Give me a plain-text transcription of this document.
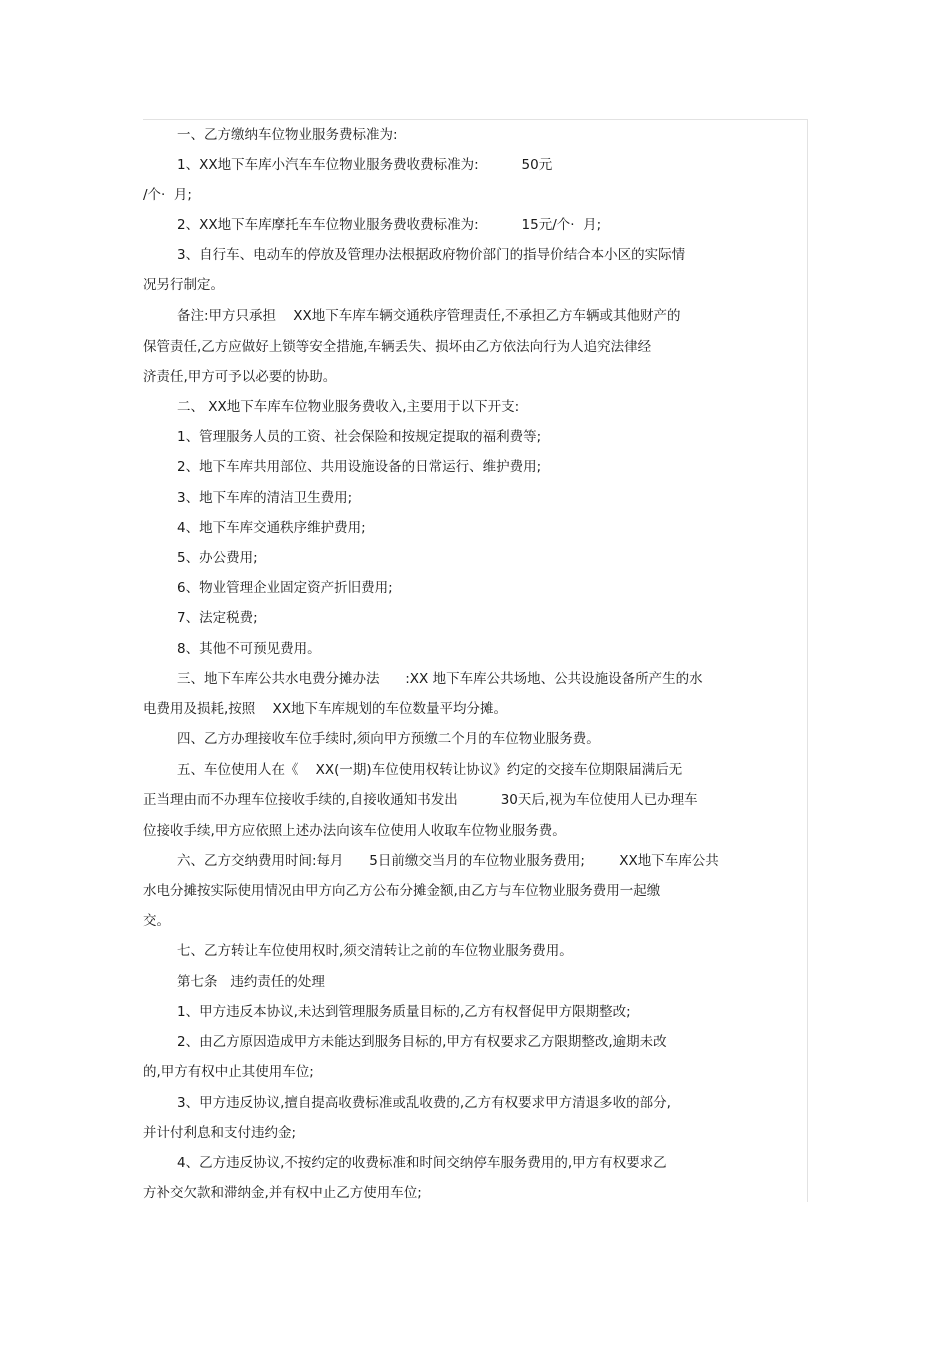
一、乙方缴纳车位物业服务费标准为:
1、XX地下车库小汽车车位物业服务费收费标准为:          50元
/个·  月;
2、XX地下车库摩托车车位物业服务费收费标准为:          15元/个·  月;
3、自行车、电动车的停放及管理办法根据政府物价部门的指导价结合本小区的实际情
况另行制定。
备注:甲方只承担    XX地下车库车辆交通秩序管理责任,不承担乙方车辆或其他财产的
保管责任,乙方应做好上锁等安全措施,车辆丢失、损坏由乙方依法向行为人追究法律经
济责任,甲方可予以必要的协助。
二、 XX地下车库车位物业服务费收入,主要用于以下开支:
1、管理服务人员的工资、社会保险和按规定提取的福利费等;
2、地下车库共用部位、共用设施设备的日常运行、维护费用;
3、地下车库的清洁卫生费用;
4、地下车库交通秩序维护费用;
5、办公费用;
6、物业管理企业固定资产折旧费用;
7、法定税费;
8、其他不可预见费用。
三、地下车库公共水电费分摊办法      :XX 地下车库公共场地、公共设施设备所产生的水
电费用及损耗,按照    XX地下车库规划的车位数量平均分摊。
四、乙方办理接收车位手续时,须向甲方预缴二个月的车位物业服务费。
五、车位使用人在《    XX(一期)车位使用权转让协议》约定的交接车位期限届满后无
正当理由而不办理车位接收手续的,自接收通知书发出          30天后,视为车位使用人已办理车
位接收手续,甲方应依照上述办法向该车位使用人收取车位物业服务费。
六、乙方交纳费用时间:每月      5日前缴交当月的车位物业服务费用;        XX地下车库公共
水电分摊按实际使用情况由甲方向乙方公布分摊金额,由乙方与车位物业服务费用一起缴
交。
七、乙方转让车位使用权时,须交清转让之前的车位物业服务费用。
第七条   违约责任的处理
1、甲方违反本协议,未达到管理服务质量目标的,乙方有权督促甲方限期整改;
2、由乙方原因造成甲方未能达到服务目标的,甲方有权要求乙方限期整改,逾期未改
的,甲方有权中止其使用车位;
3、甲方违反协议,擅自提高收费标准或乱收费的,乙方有权要求甲方清退多收的部分,
并计付利息和支付违约金;
4、乙方违反协议,不按约定的收费标准和时间交纳停车服务费用的,甲方有权要求乙
方补交欠款和滞纳金,并有权中止乙方使用车位;
